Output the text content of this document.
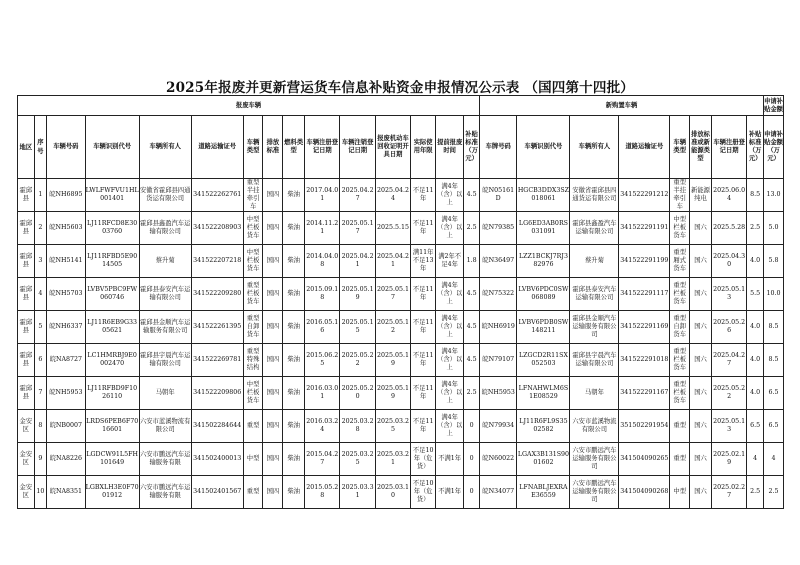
2025年报废并更新营运货车信息补贴资金申报情况公示表 （国四第十四批）
报废车辆															新购置车辆								申请补贴金额
地区	序号	车辆号码	车辆识别代号	车辆所有人	道路运输证号	车辆类型	排放标准	燃料类型	车辆注册登记日期	车辆注销登记日期	报废机动车回收证明开具日期	实际使用年限	提前报废时间	补贴标准（万元）	车牌号码	车辆识别代号	车辆所有人	道路运输证号	车辆类型	排放标准或新能源类型	车辆注册登记日期	补贴标准（万元）	申请补贴金额（万元）
霍邱县	1	皖NH6895	LWLFWFVU1HL001401	安徽省霍邱县四通货运有限公司	341522262761	重型半挂牵引车	国四	柴油	2017.04.01	2025.04.27	2025.04.24	不足11年	满4年（含）以上	4.5	皖N05161D	HGCB3DDX3SZ018061	安徽省霍邱县四通货运有限公司	341522291212	重型半挂牵引车	新能源纯电	2025.06.04	8.5	13.0
霍邱县	2	皖NH5603	LJ11RFCD8E3003760	霍邱县鑫盈汽车运输有限公司	341522208903	中型栏板货车	国四	柴油	2014.11.21	2025.05.17	2025.5.15	不足11年	满4年（含）以上	2.5	皖N79385	LG6ED3AB0RS031091	霍邱县鑫盈汽车运输有限公司	341522291191	中型栏板货车	国六	2025.5.28	2.5	5.0
霍邱县	3	皖NH5141	LJ11RFBD5E9014505	蔡升菊	341522207218	中型栏板货车	国四	柴油	2014.04.08	2025.04.21	2025.04.21	满11年不足13年	满2年不足4年	1.8	皖N36497	LZZ1BCKJ7RJ382976	蔡升菊	341522291199	重型厢式货车	国六	2025.04.30	4.0	5.8
霍邱县	4	皖NH5703	LVBV5PBC9FW060746	霍邱县泰安汽车运输有限公司	341522209280	重型栏板货车	国四	柴油	2015.09.18	2025.05.19	2025.05.17	不足11年	满4年（含）以上	4.5	皖N75322	LVBV6PDC0SW068089	霍邱县泰安汽车运输有限公司	341522291117	重型栏板货车	国六	2025.05.13	5.5	10.0
霍邱县	5	皖NH6337	LJ11R6EB9G3305621	霍邱县金顺汽车运输服务有限公司	341522261395	重型自卸货车	国四	柴油	2016.05.16	2025.05.15	2025.05.12	不足11年	满4年（含）以上	4.5	皖NH6919	LVBV6PDB0SW148211	霍邱县金顺汽车运输服务有限公司	341522291169	重型自卸货车	国六	2025.05.26	4.0	8.5
霍邱县	6	皖NA8727	LC1HMRBJ9E0002470	霍邱县宇晨汽车运输有限公司	341522269781	重型特殊结构	国四	柴油	2015.06.25	2025.05.22	2025.05.19	不足11年	满4年（含）以上	4.5	皖N79107	LZGCD2R11SX052503	霍邱县宇晨汽车运输有限公司	341522291018	重型栏板货车	国六	2025.04.27	4.0	8.5
霍邱县	7	皖NH5953	LJ11RFBD9F1026110	马朝年	341522209806	中型栏板货车	国四	柴油	2016.03.01	2025.05.20	2025.05.19	不足11年	满4年（含）以上	2.5	皖NH5953	LFNAHWLM6S1E08529	马朝年	341522291167	重型栏板货车	国六	2025.05.22	4.0	6.5
金安区	8	皖NB0007	LRDS6PEB6F7016601	六安市蓝溪物流有限公司	341502284644	重型	国四	柴油	2016.03.24	2025.03.28	2025.03.25	不足11年	满4年（含）以上	0	皖N79934	LJ11R6FL9S3502582	六安市蓝溪物流有限公司	351502291954	重型	国六	2025.05.13	6.5	6.5
金安区	9	皖NA8226	LGDCW91L5FH101649	六安市鹏远汽车运输服务有限	341502400013	中型	国四	柴油	2015.04.27	2025.03.25	2025.03.21	不足10年（危货）	不满1年	0	皖N60022	LGAX3B131S9001602	六安市鹏远汽车运输服务有限公司	341504090265	重型	国六	2025.02.19	4	4
金安区	10	皖NA8351	LGBXLH3E0F7001912	六安市鹏远汽车运输服务有限	341502401567	重型	国四	柴油	2015.05.28	2025.03.31	2025.03.10	不足10年（危货）	不满1年	0	皖N34077	LFNABLJEXRAE36559	六安市鹏远汽车运输服务有限公司	341504090268	中型	国六	2025.02.27	2.5	2.5
